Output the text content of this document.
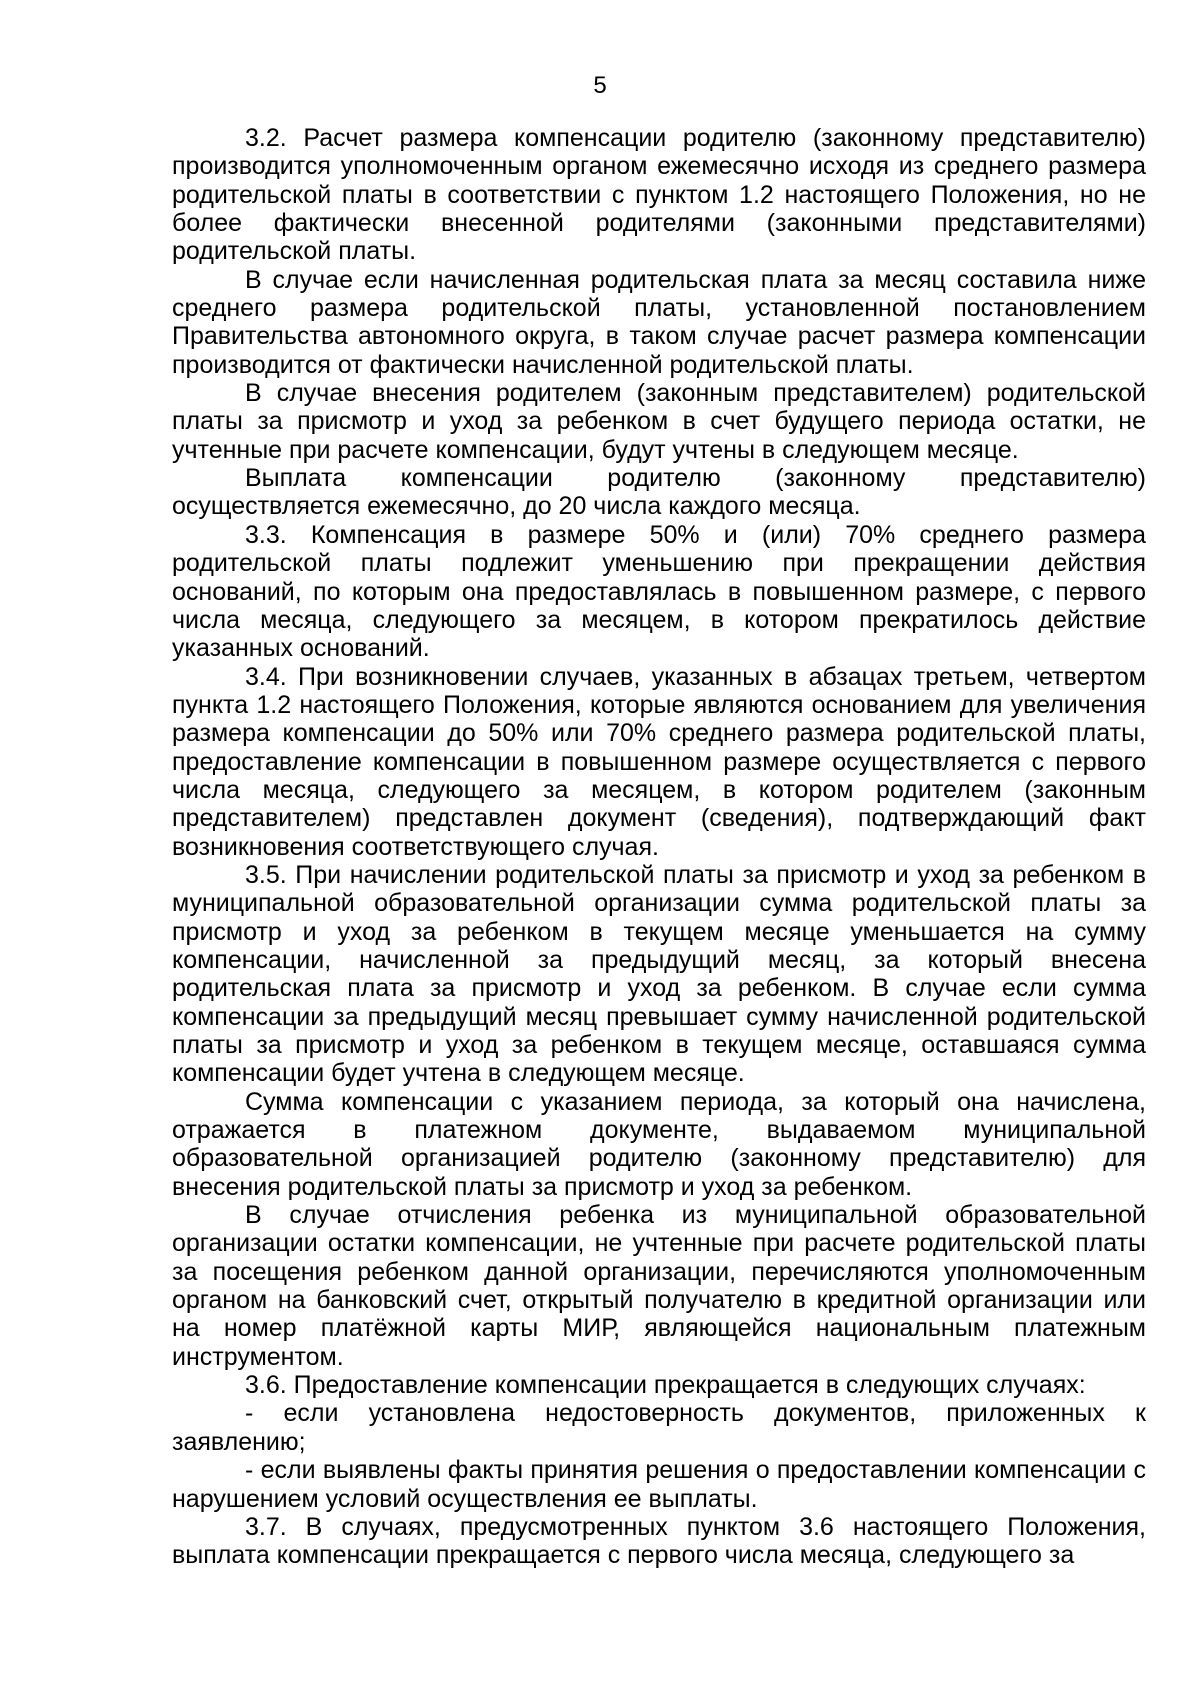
5

3.2. Расчет размера компенсации родителю (законному представителю) производится уполномоченным органом ежемесячно исходя из среднего размера родительской платы в соответствии с пунктом 1.2 настоящего Положения, но не более фактически внесенной родителями (законными представителями) родительской платы.

В случае если начисленная родительская плата за месяц составила ниже среднего размера родительской платы, установленной постановлением Правительства автономного округа, в таком случае расчет размера компенсации производится от фактически начисленной родительской платы.

В случае внесения родителем (законным представителем) родительской платы за присмотр и уход за ребенком в счет будущего периода остатки, не учтенные при расчете компенсации, будут учтены в следующем месяце.

Выплата компенсации родителю (законному представителю) осуществляется ежемесячно, до 20 числа каждого месяца.

3.3. Компенсация в размере 50% и (или) 70% среднего размера родительской платы подлежит уменьшению при прекращении действия оснований, по которым она предоставлялась в повышенном размере, с первого числа месяца, следующего за месяцем, в котором прекратилось действие указанных оснований.

3.4. При возникновении случаев, указанных в абзацах третьем, четвертом пункта 1.2 настоящего Положения, которые являются основанием для увеличения размера компенсации до 50% или 70% среднего размера родительской платы, предоставление компенсации в повышенном размере осуществляется с первого числа месяца, следующего за месяцем, в котором родителем (законным представителем) представлен документ (сведения), подтверждающий факт возникновения соответствующего случая.

3.5. При начислении родительской платы за присмотр и уход за ребенком в муниципальной образовательной организации сумма родительской платы за присмотр и уход за ребенком в текущем месяце уменьшается на сумму компенсации, начисленной за предыдущий месяц, за который внесена родительская плата за присмотр и уход за ребенком. В случае если сумма компенсации за предыдущий месяц превышает сумму начисленной родительской платы за присмотр и уход за ребенком в текущем месяце, оставшаяся сумма компенсации будет учтена в следующем месяце.

Сумма компенсации с указанием периода, за который она начислена, отражается в платежном документе, выдаваемом муниципальной образовательной организацией родителю (законному представителю) для внесения родительской платы за присмотр и уход за ребенком.

В случае отчисления ребенка из муниципальной образовательной организации остатки компенсации, не учтенные при расчете родительской платы за посещения ребенком данной организации, перечисляются уполномоченным органом на банковский счет, открытый получателю в кредитной организации или на номер платёжной карты МИР, являющейся национальным платежным инструментом.

3.6. Предоставление компенсации прекращается в следующих случаях:

- если установлена недостоверность документов, приложенных к заявлению;

- если выявлены факты принятия решения о предоставлении компенсации с нарушением условий осуществления ее выплаты.

3.7. В случаях, предусмотренных пунктом 3.6 настоящего Положения, выплата компенсации прекращается с первого числа месяца, следующего за
